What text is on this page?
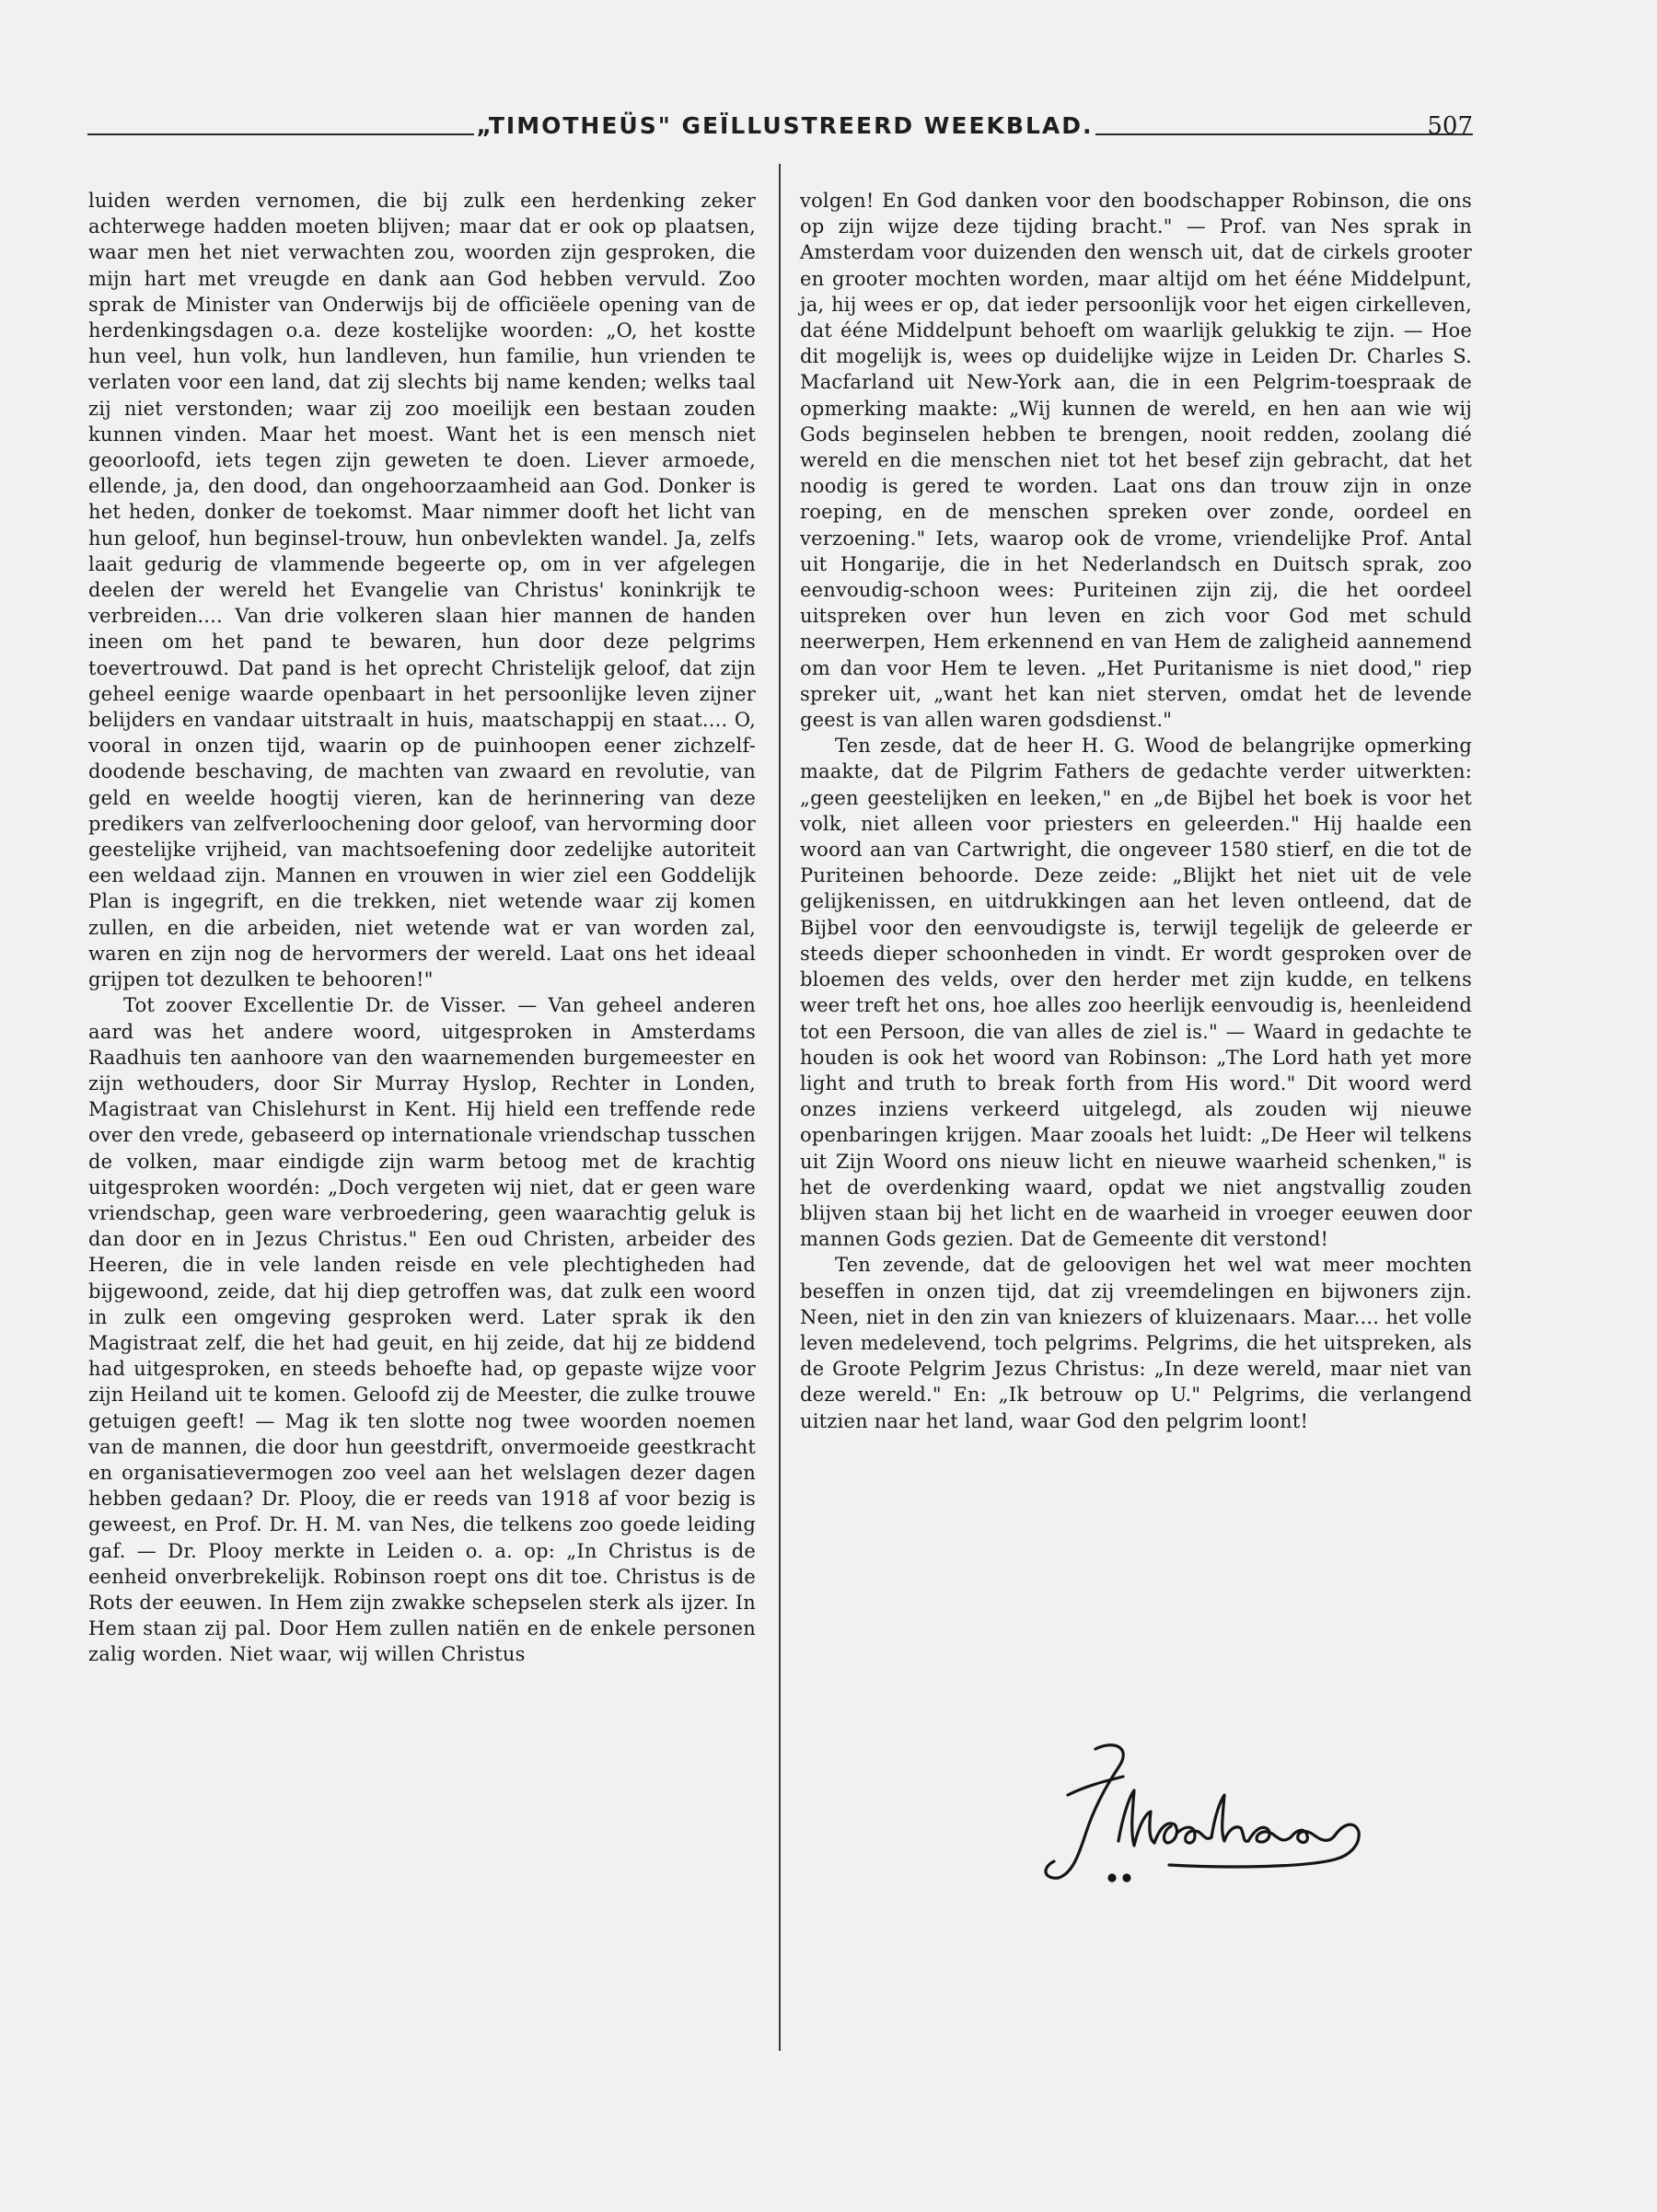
„TIMOTHEÜS" GEÏLLUSTREERD WEEKBLAD.	507

luiden werden vernomen, die bij zulk een herdenking zeker achterwege hadden moeten blijven; maar dat er ook op plaatsen, waar men het niet verwachten zou, woorden zijn gesproken, die mijn hart met vreugde en dank aan God hebben vervuld. Zoo sprak de Minister van Onderwijs bij de officiëele opening van de herdenkingsdagen o.a. deze kostelijke woorden: „O, het kostte hun veel, hun volk, hun landleven, hun familie, hun vrienden te verlaten voor een land, dat zij slechts bij name kenden; welks taal zij niet verstonden; waar zij zoo moeilijk een bestaan zouden kunnen vinden. Maar het moest. Want het is een mensch niet geoorloofd, iets tegen zijn geweten te doen. Liever armoede, ellende, ja, den dood, dan ongehoorzaamheid aan God. Donker is het heden, donker de toekomst. Maar nimmer dooft het licht van hun geloof, hun beginsel-trouw, hun onbevlekten wandel. Ja, zelfs laait gedurig de vlammende begeerte op, om in ver afgelegen deelen der wereld het Evangelie van Christus' koninkrijk te verbreiden.... Van drie volkeren slaan hier mannen de handen ineen om het pand te bewaren, hun door deze pelgrims toevertrouwd. Dat pand is het oprecht Christelijk geloof, dat zijn geheel eenige waarde openbaart in het persoonlijke leven zijner belijders en vandaar uitstraalt in huis, maatschappij en staat.... O, vooral in onzen tijd, waarin op de puinhoopen eener zichzelf-doodende beschaving, de machten van zwaard en revolutie, van geld en weelde hoogtij vieren, kan de herinnering van deze predikers van zelfverloochening door geloof, van hervorming door geestelijke vrijheid, van machtsoefening door zedelijke autoriteit een weldaad zijn. Mannen en vrouwen in wier ziel een Goddelijk Plan is ingegrift, en die trekken, niet wetende waar zij komen zullen, en die arbeiden, niet wetende wat er van worden zal, waren en zijn nog de hervormers der wereld. Laat ons het ideaal grijpen tot dezulken te behooren!"

Tot zoover Excellentie Dr. de Visser. — Van geheel anderen aard was het andere woord, uitgesproken in Amsterdams Raadhuis ten aanhoore van den waarnemenden burgemeester en zijn wethouders, door Sir Murray Hyslop, Rechter in Londen, Magistraat van Chislehurst in Kent. Hij hield een treffende rede over den vrede, gebaseerd op internationale vriendschap tusschen de volken, maar eindigde zijn warm betoog met de krachtig uitgesproken woordén: „Doch vergeten wij niet, dat er geen ware vriendschap, geen ware verbroedering, geen waarachtig geluk is dan door en in Jezus Christus." Een oud Christen, arbeider des Heeren, die in vele landen reisde en vele plechtigheden had bijgewoond, zeide, dat hij diep getroffen was, dat zulk een woord in zulk een omgeving gesproken werd. Later sprak ik den Magistraat zelf, die het had geuit, en hij zeide, dat hij ze biddend had uitgesproken, en steeds behoefte had, op gepaste wijze voor zijn Heiland uit te komen. Geloofd zij de Meester, die zulke trouwe getuigen geeft! — Mag ik ten slotte nog twee woorden noemen van de mannen, die door hun geestdrift, onvermoeide geestkracht en organisatievermogen zoo veel aan het welslagen dezer dagen hebben gedaan? Dr. Plooy, die er reeds van 1918 af voor bezig is geweest, en Prof. Dr. H. M. van Nes, die telkens zoo goede leiding gaf. — Dr. Plooy merkte in Leiden o. a. op: „In Christus is de eenheid onverbrekelijk. Robinson roept ons dit toe. Christus is de Rots der eeuwen. In Hem zijn zwakke schepselen sterk als ijzer. In Hem staan zij pal. Door Hem zullen natiën en de enkele personen zalig worden. Niet waar, wij willen Christus

volgen! En God danken voor den boodschapper Robinson, die ons op zijn wijze deze tijding bracht." — Prof. van Nes sprak in Amsterdam voor duizenden den wensch uit, dat de cirkels grooter en grooter mochten worden, maar altijd om het ééne Middelpunt, ja, hij wees er op, dat ieder persoonlijk voor het eigen cirkelleven, dat ééne Middelpunt behoeft om waarlijk gelukkig te zijn. — Hoe dit mogelijk is, wees op duidelijke wijze in Leiden Dr. Charles S. Macfarland uit New-York aan, die in een Pelgrim-toespraak de opmerking maakte: „Wij kunnen de wereld, en hen aan wie wij Gods beginselen hebben te brengen, nooit redden, zoolang dié wereld en die menschen niet tot het besef zijn gebracht, dat het noodig is gered te worden. Laat ons dan trouw zijn in onze roeping, en de menschen spreken over zonde, oordeel en verzoening." Iets, waarop ook de vrome, vriendelijke Prof. Antal uit Hongarije, die in het Nederlandsch en Duitsch sprak, zoo eenvoudig-schoon wees: Puriteinen zijn zij, die het oordeel uitspreken over hun leven en zich voor God met schuld neerwerpen, Hem erkennend en van Hem de zaligheid aannemend om dan voor Hem te leven. „Het Puritanisme is niet dood," riep spreker uit, „want het kan niet sterven, omdat het de levende geest is van allen waren godsdienst."

Ten zesde, dat de heer H. G. Wood de belangrijke opmerking maakte, dat de Pilgrim Fathers de gedachte verder uitwerkten: „geen geestelijken en leeken," en „de Bijbel het boek is voor het volk, niet alleen voor priesters en geleerden." Hij haalde een woord aan van Cartwright, die ongeveer 1580 stierf, en die tot de Puriteinen behoorde. Deze zeide: „Blijkt het niet uit de vele gelijkenissen, en uitdrukkingen aan het leven ontleend, dat de Bijbel voor den eenvoudigste is, terwijl tegelijk de geleerde er steeds dieper schoonheden in vindt. Er wordt gesproken over de bloemen des velds, over den herder met zijn kudde, en telkens weer treft het ons, hoe alles zoo heerlijk eenvoudig is, heenleidend tot een Persoon, die van alles de ziel is." — Waard in gedachte te houden is ook het woord van Robinson: „The Lord hath yet more light and truth to break forth from His word." Dit woord werd onzes inziens verkeerd uitgelegd, als zouden wij nieuwe openbaringen krijgen. Maar zooals het luidt: „De Heer wil telkens uit Zijn Woord ons nieuw licht en nieuwe waarheid schenken," is het de overdenking waard, opdat we niet angstvallig zouden blijven staan bij het licht en de waarheid in vroeger eeuwen door mannen Gods gezien. Dat de Gemeente dit verstond!

Ten zevende, dat de geloovigen het wel wat meer mochten beseffen in onzen tijd, dat zij vreemdelingen en bijwoners zijn. Neen, niet in den zin van kniezers of kluizenaars. Maar.... het volle leven medelevend, toch pelgrims. Pelgrims, die het uitspreken, als de Groote Pelgrim Jezus Christus: „In deze wereld, maar niet van deze wereld." En: „Ik betrouw op U." Pelgrims, die verlangend uitzien naar het land, waar God den pelgrim loont!
